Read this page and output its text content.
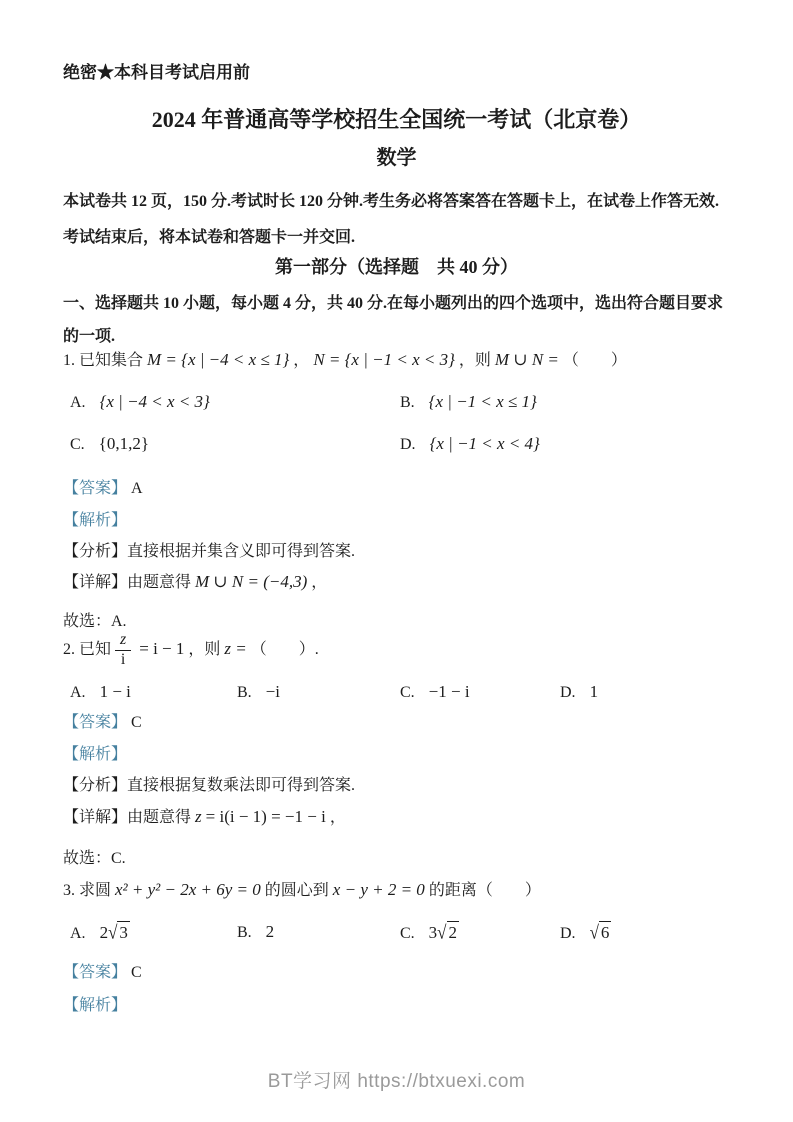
绝密★本科目考试启用前
2024 年普通高等学校招生全国统一考试（北京卷）
数学
本试卷共 12 页，150 分.考试时长 120 分钟.考生务必将答案答在答题卡上，在试卷上作答无效.
考试结束后，将本试卷和答题卡一并交回.
第一部分（选择题　共 40 分）
一、选择题共 10 小题，每小题 4 分，共 40 分.在每小题列出的四个选项中，选出符合题目要求的一项.
1. 已知集合 M = {x | −4 < x ≤ 1} ， N = {x | −1 < x < 3} ，则 M ∪ N = （　　）
A. {x | −4 < x < 3}	B. {x | −1 < x ≤ 1}
C. {0,1,2}	D. {x | −1 < x < 4}
【答案】 A
【解析】
【分析】直接根据并集含义即可得到答案.
【详解】由题意得 M ∪ N = (−4,3) ，
故选：A.
2. 已知 $\frac{z}{i} = i - 1$ ，则 z = （　　）.
A. 1 − i	B. −i	C. −1 − i	D. 1
【答案】 C
【解析】
【分析】直接根据复数乘法即可得到答案.
【详解】由题意得 z = i(i − 1) = −1 − i ，
故选：C.
3. 求圆 x² + y² − 2x + 6y = 0 的圆心到 x − y + 2 = 0 的距离（　　）
A. 2√ 3	B. 2	C. 3√ 2	D. √ 6
【答案】 C
【解析】
BT学习网 https://btxuexi.com
